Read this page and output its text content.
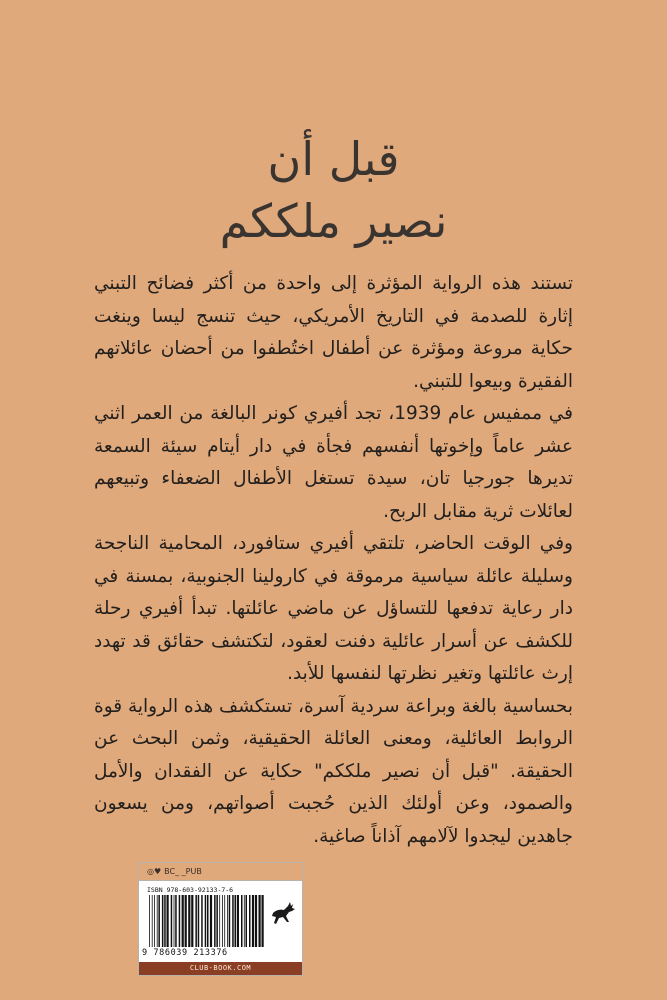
قبل أن
نصير ملككم

تستند هذه الرواية المؤثرة إلى واحدة من أكثر فضائح التبني إثارة للصدمة في التاريخ الأمريكي، حيث تنسج ليسا وينغت حكاية مروعة ومؤثرة عن أطفال اختُطفوا من أحضان عائلاتهم الفقيرة وبيعوا للتبني.

في ممفيس عام 1939، تجد أفيري كونر البالغة من العمر اثني عشر عاماً وإخوتها أنفسهم فجأة في دار أيتام سيئة السمعة تديرها جورجيا تان، سيدة تستغل الأطفال الضعفاء وتبيعهم لعائلات ثرية مقابل الربح.

وفي الوقت الحاضر، تلتقي أفيري ستافورد، المحامية الناجحة وسليلة عائلة سياسية مرموقة في كارولينا الجنوبية، بمسنة في دار رعاية تدفعها للتساؤل عن ماضي عائلتها. تبدأ أفيري رحلة للكشف عن أسرار عائلية دفنت لعقود، لتكتشف حقائق قد تهدد إرث عائلتها وتغير نظرتها لنفسها للأبد.

بحساسية بالغة وبراعة سردية آسرة، تستكشف هذه الرواية قوة الروابط العائلية، ومعنى العائلة الحقيقية، وثمن البحث عن الحقيقة. "قبل أن نصير ملككم" حكاية عن الفقدان والأمل والصمود، وعن أولئك الذين حُجبت أصواتهم، ومن يسعون جاهدين ليجدوا لآلامهم آذاناً صاغية.

◎♥ BC_ _PUB
ISBN 978-603-92133-7-6
9 786039 213376
CLUB-BOOK.COM
